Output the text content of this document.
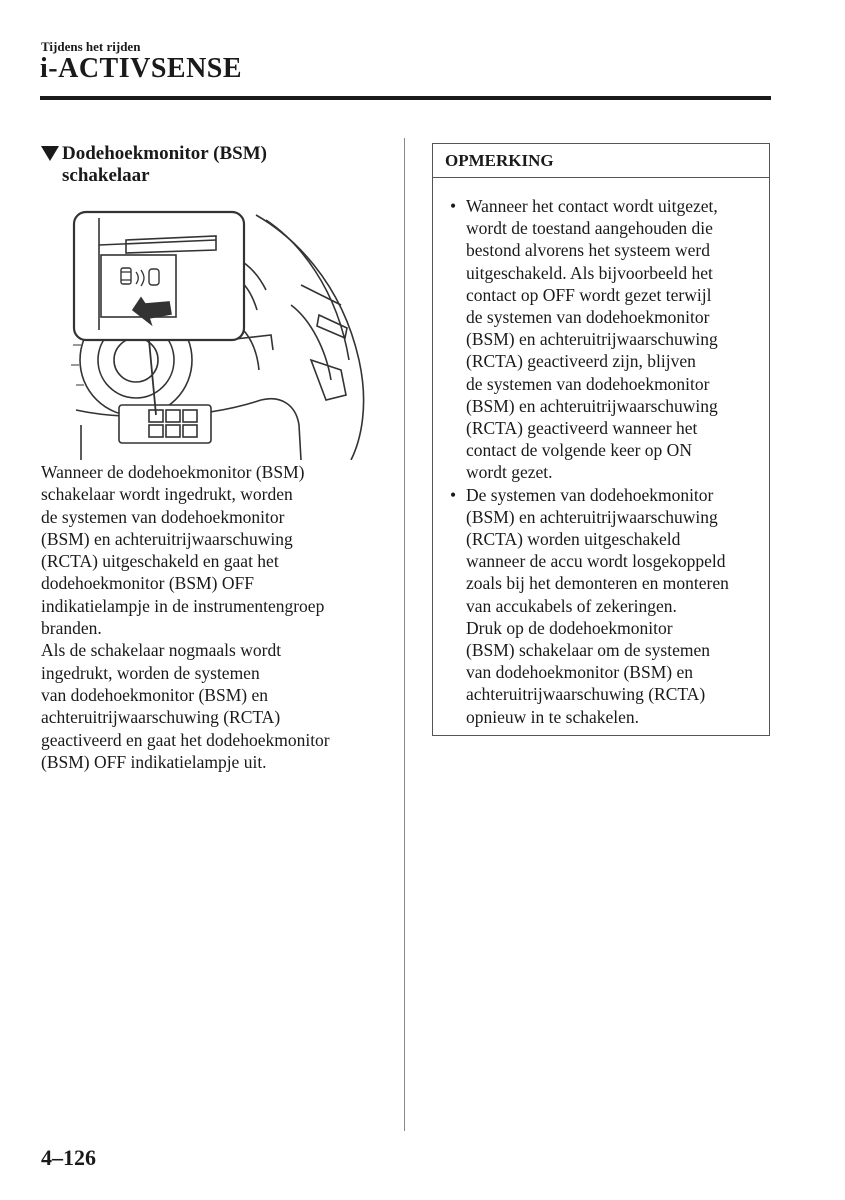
Tijdens het rijden
i-ACTIVSENSE
Dodehoekmonitor (BSM)
schakelaar
Wanneer de dodehoekmonitor (BSM)
schakelaar wordt ingedrukt, worden
de systemen van dodehoekmonitor
(BSM) en achteruitrijwaarschuwing
(RCTA) uitgeschakeld en gaat het
dodehoekmonitor (BSM) OFF
indikatielampje in de instrumentengroep
branden.
Als de schakelaar nogmaals wordt
ingedrukt, worden de systemen
van dodehoekmonitor (BSM) en
achteruitrijwaarschuwing (RCTA)
geactiveerd en gaat het dodehoekmonitor
(BSM) OFF indikatielampje uit.
OPMERKING
• Wanneer het contact wordt uitgezet,
wordt de toestand aangehouden die
bestond alvorens het systeem werd
uitgeschakeld. Als bijvoorbeeld het
contact op OFF wordt gezet terwijl
de systemen van dodehoekmonitor
(BSM) en achteruitrijwaarschuwing
(RCTA) geactiveerd zijn, blijven
de systemen van dodehoekmonitor
(BSM) en achteruitrijwaarschuwing
(RCTA) geactiveerd wanneer het
contact de volgende keer op ON
wordt gezet.
• De systemen van dodehoekmonitor
(BSM) en achteruitrijwaarschuwing
(RCTA) worden uitgeschakeld
wanneer de accu wordt losgekoppeld
zoals bij het demonteren en monteren
van accukabels of zekeringen.
Druk op de dodehoekmonitor
(BSM) schakelaar om de systemen
van dodehoekmonitor (BSM) en
achteruitrijwaarschuwing (RCTA)
opnieuw in te schakelen.
4–126
